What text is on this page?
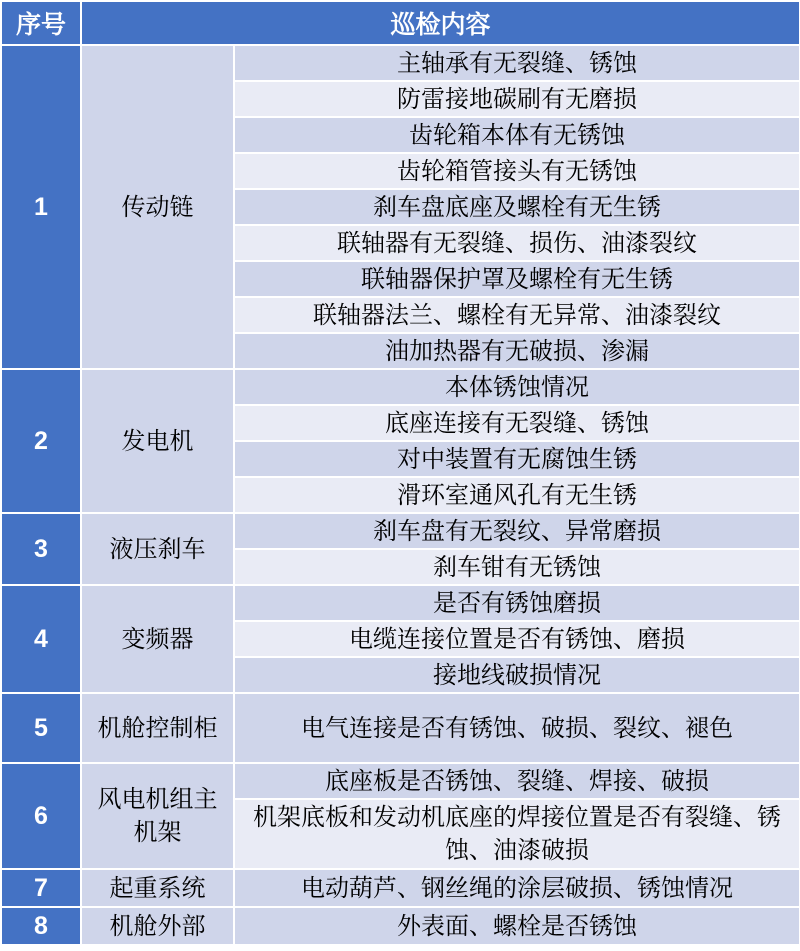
序号	巡检内容	
1	传动链	主轴承有无裂缝、锈蚀
		防雷接地碳刷有无磨损
		齿轮箱本体有无锈蚀
		齿轮箱管接头有无锈蚀
		刹车盘底座及螺栓有无生锈
		联轴器有无裂缝、损伤、油漆裂纹
		联轴器保护罩及螺栓有无生锈
		联轴器法兰、螺栓有无异常、油漆裂纹
		油加热器有无破损、渗漏
2	发电机	本体锈蚀情况
		底座连接有无裂缝、锈蚀
		对中装置有无腐蚀生锈
		滑环室通风孔有无生锈
3	液压刹车	刹车盘有无裂纹、异常磨损
		刹车钳有无锈蚀
4	变频器	是否有锈蚀磨损
		电缆连接位置是否有锈蚀、磨损
		接地线破损情况
5	机舱控制柜	电气连接是否有锈蚀、破损、裂纹、褪色
6	风电机组主机架	底座板是否锈蚀、裂缝、焊接、破损
		机架底板和发动机底座的焊接位置是否有裂缝、锈蚀、油漆破损
7	起重系统	电动葫芦、钢丝绳的涂层破损、锈蚀情况
8	机舱外部	外表面、螺栓是否锈蚀
